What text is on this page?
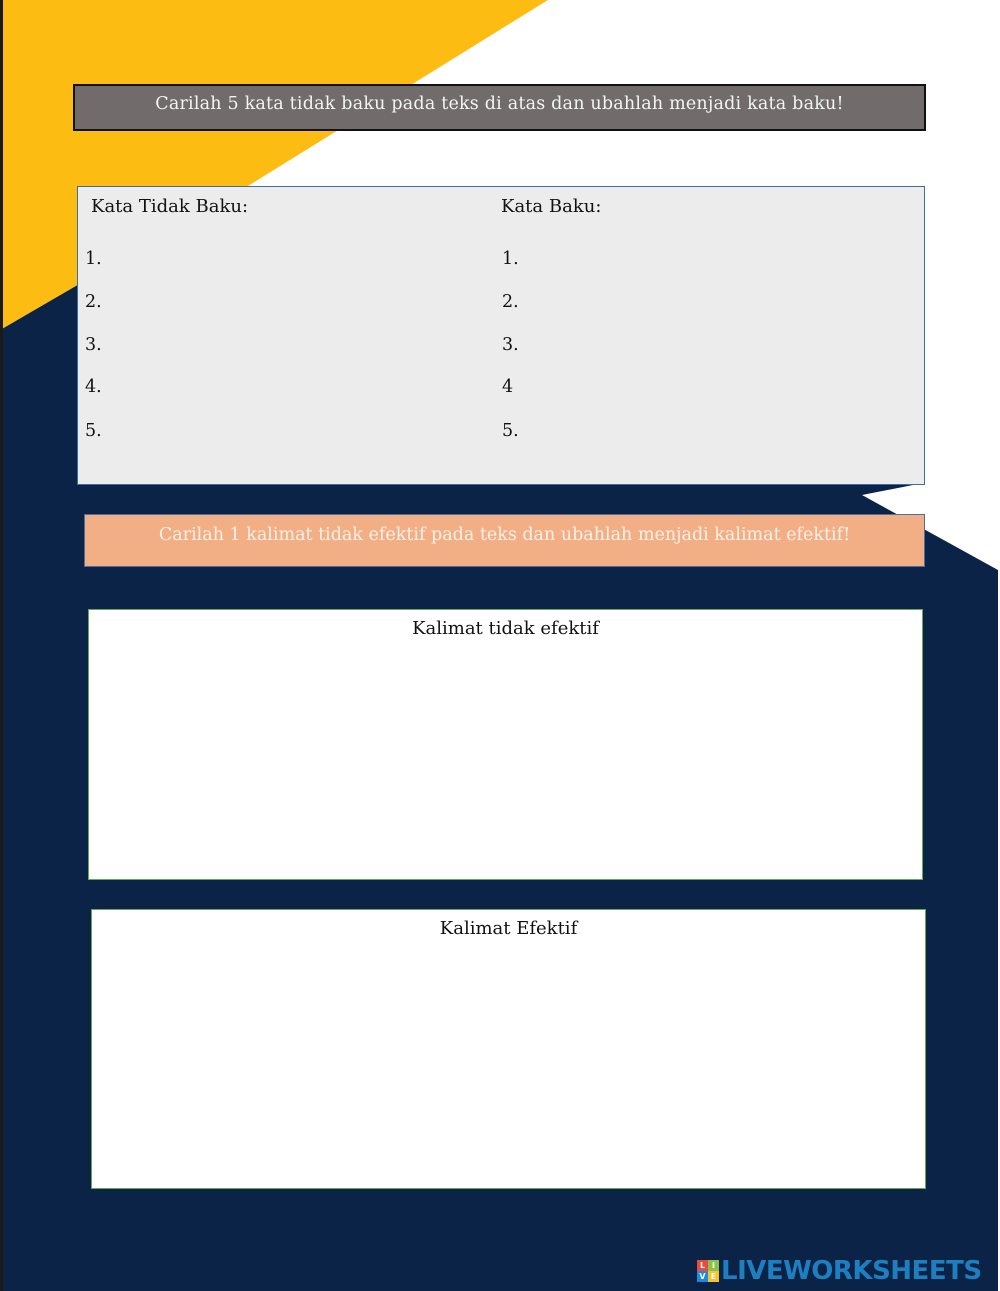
Carilah 5 kata tidak baku pada teks di atas dan ubahlah menjadi kata baku!
Kata Tidak Baku:	Kata Baku:
1.
2.
3.
4.
5.
1.
2.
3.
4
5.
Carilah 1 kalimat tidak efektif pada teks dan ubahlah menjadi kalimat efektif!
Kalimat tidak efektif
Kalimat Efektif
L I
V E LIVEWORKSHEETS
